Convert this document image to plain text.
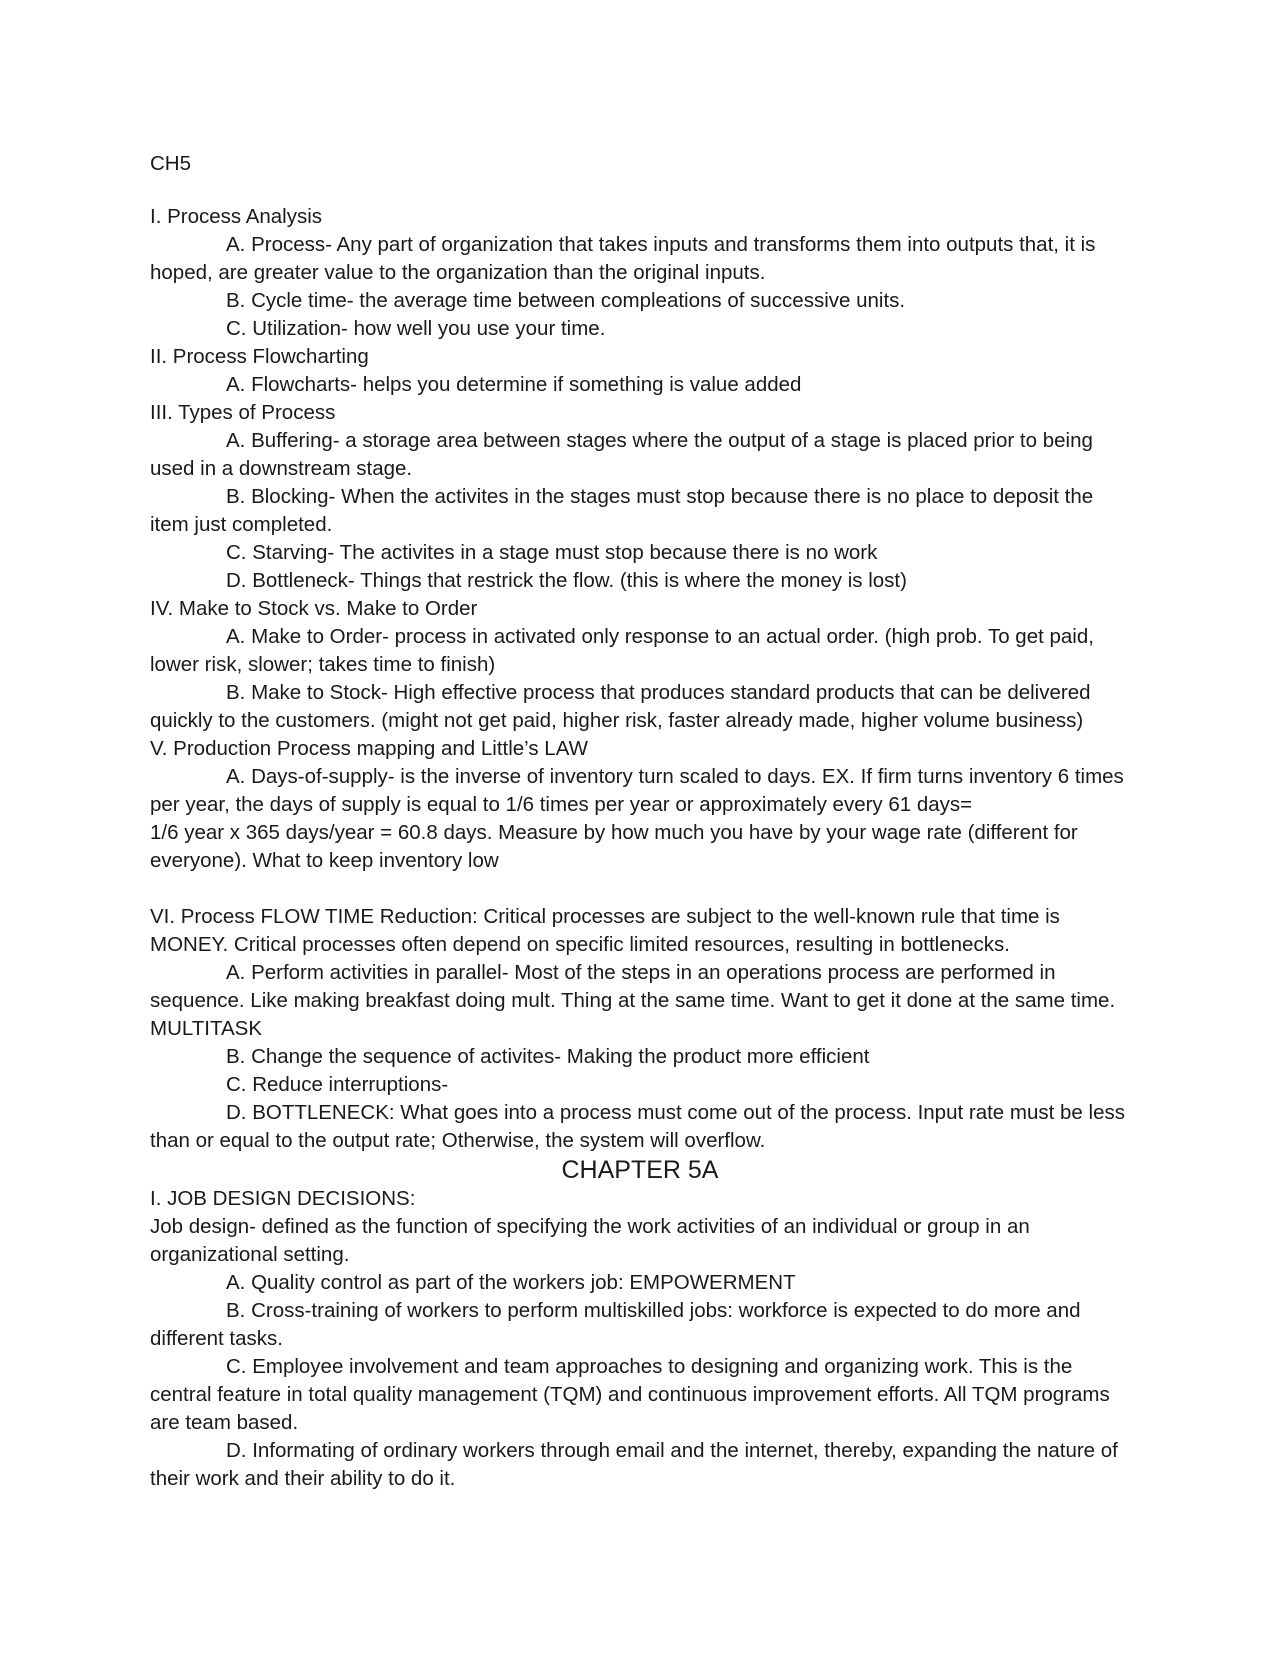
CH5
I. Process Analysis
A. Process- Any part of organization that takes inputs and transforms them into outputs that, it is hoped, are greater value to the organization than the original inputs.
B. Cycle time- the average time between compleations of successive units.
C. Utilization- how well you use your time.
II. Process Flowcharting
A. Flowcharts- helps you determine if something is value added
III. Types of Process
A. Buffering- a storage area between stages where the output of a stage is placed prior to being used in a downstream stage.
B. Blocking- When the activites in the stages must stop because there is no place to deposit the item just completed.
C. Starving- The activites in a stage must stop because there is no work
D. Bottleneck- Things that restrick the flow. (this is where the money is lost)
IV. Make to Stock vs. Make to Order
A. Make to Order- process in activated only response to an actual order. (high prob. To get paid, lower risk, slower; takes time to finish)
B. Make to Stock- High effective process that produces standard products that can be delivered quickly to the customers. (might not get paid, higher risk, faster already made, higher volume business)
V. Production Process mapping and Little’s LAW
A. Days-of-supply- is the inverse of inventory turn scaled to days. EX. If firm turns inventory 6 times per year, the days of supply is equal to 1/6 times per year or approximately every 61 days=
1/6 year x 365 days/year = 60.8 days. Measure by how much you have by your wage rate (different for everyone). What to keep inventory low
VI. Process FLOW TIME Reduction: Critical processes are subject to the well-known rule that time is MONEY. Critical processes often depend on specific limited resources, resulting in bottlenecks.
A. Perform activities in parallel- Most of the steps in an operations process are performed in sequence. Like making breakfast doing mult. Thing at the same time. Want to get it done at the same time. MULTITASK
B. Change the sequence of activites- Making the product more efficient
C. Reduce interruptions-
D. BOTTLENECK: What goes into a process must come out of the process. Input rate must be less than or equal to the output rate; Otherwise, the system will overflow.
CHAPTER 5A
I. JOB DESIGN DECISIONS:
Job design- defined as the function of specifying the work activities of an individual or group in an organizational setting.
A. Quality control as part of the workers job: EMPOWERMENT
B. Cross-training of workers to perform multiskilled jobs: workforce is expected to do more and different tasks.
C. Employee involvement and team approaches to designing and organizing work. This is the central feature in total quality management (TQM) and continuous improvement efforts. All TQM programs are team based.
D. Informating of ordinary workers through email and the internet, thereby, expanding the nature of their work and their ability to do it.
